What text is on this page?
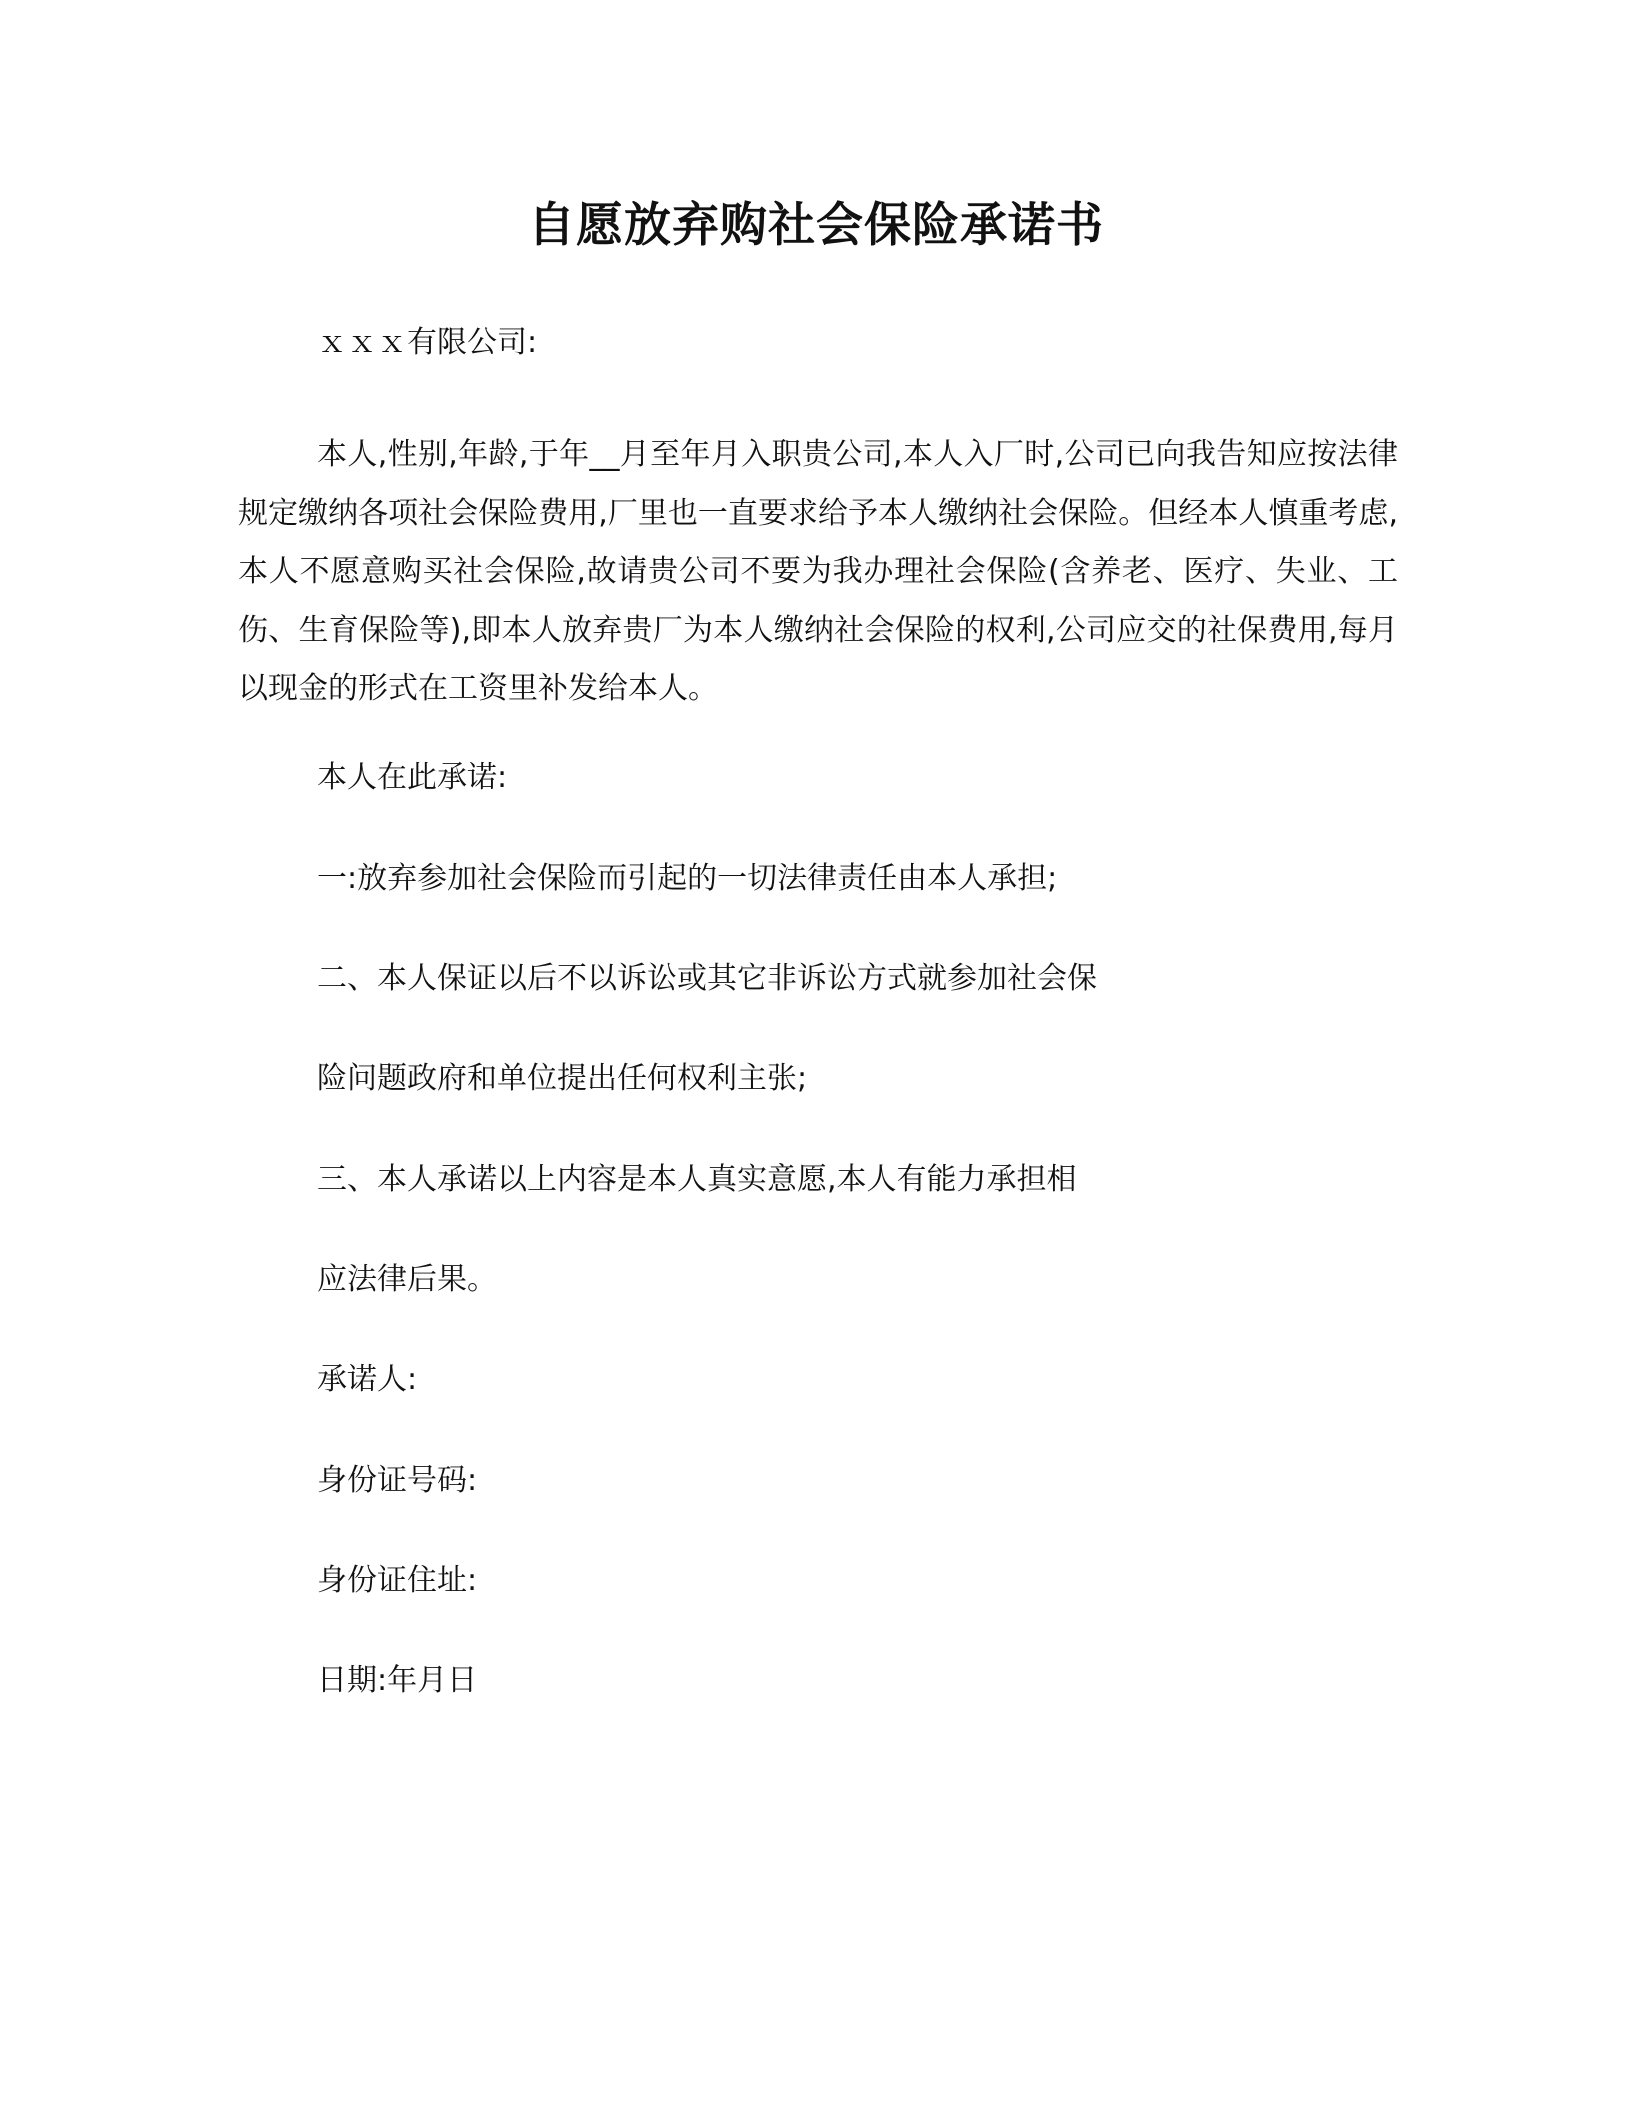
自愿放弃购社会保险承诺书
ｘｘｘ有限公司:
本人,性别,年龄,于年__月至年月入职贵公司,本人入厂时,公司已向我告知应按法律规定缴纳各项社会保险费用,厂里也一直要求给予本人缴纳社会保险。但经本人慎重考虑,本人不愿意购买社会保险,故请贵公司不要为我办理社会保险(含养老、医疗、失业、工伤、生育保险等),即本人放弃贵厂为本人缴纳社会保险的权利,公司应交的社保费用,每月以现金的形式在工资里补发给本人。
本人在此承诺:
一:放弃参加社会保险而引起的一切法律责任由本人承担;
二、本人保证以后不以诉讼或其它非诉讼方式就参加社会保
险问题政府和单位提出任何权利主张;
三、本人承诺以上内容是本人真实意愿,本人有能力承担相
应法律后果。
承诺人:
身份证号码:
身份证住址:
日期:年月日
